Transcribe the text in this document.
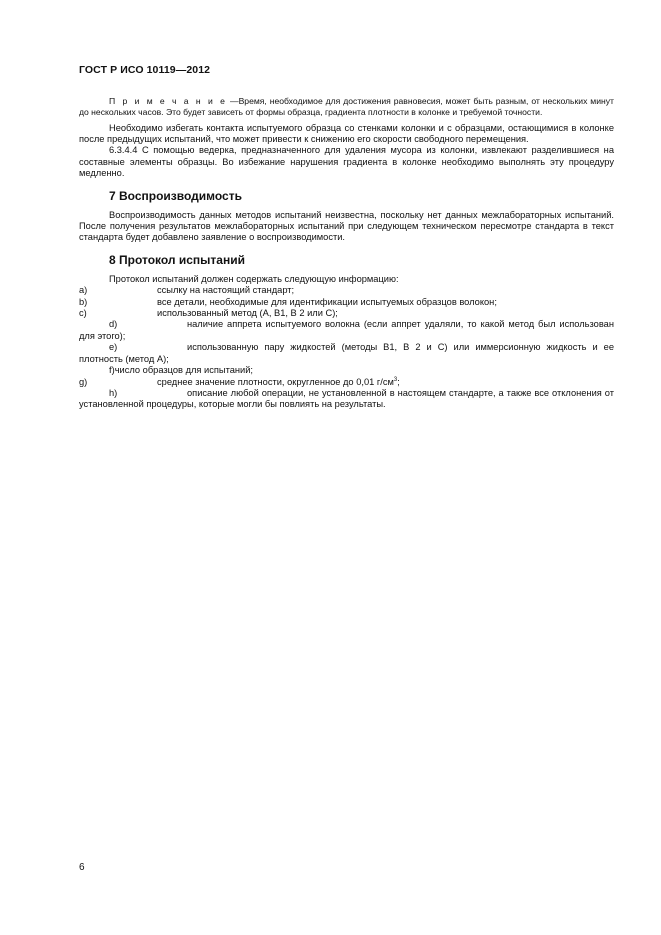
ГОСТ Р ИСО 10119—2012

П р и м е ч а н и е —Время, необходимое для достижения равновесия, может быть разным, от нескольких минут до нескольких часов. Это будет зависеть от формы образца, градиента плотности в колонке и требуемой точности.

Необходимо избегать контакта испытуемого образца со стенками колонки и с образцами, остающимися в колонке после предыдущих испытаний, что может привести к снижению его скорости свободного перемещения.

6.3.4.4 С помощью ведерка, предназначенного для удаления мусора из колонки, извлекают разделившиеся на составные элементы образцы. Во избежание нарушения градиента в колонке необходимо выполнять эту процедуру медленно.

7 Воспроизводимость

Воспроизводимость данных методов испытаний неизвестна, поскольку нет данных межлабораторных испытаний. После получения результатов межлабораторных испытаний при следующем техническом пересмотре стандарта в текст стандарта будет добавлено заявление о воспроизводимости.

8 Протокол испытаний

Протокол испытаний должен содержать следующую информацию:

a)	ссылку на настоящий стандарт;

b)	все детали, необходимые для идентификации испытуемых образцов волокон;

c)	использованный метод (A, B1, B 2 или C);

d)	наличие аппрета испытуемого волокна (если аппрет удаляли, то какой метод был использован для этого);

e)	использованную пару жидкостей (методы B1, B 2 и C) или иммерсионную жидкость и ее плотность (метод A);

f)число образцов для испытаний;

g)	среднее значение плотности, округленное до 0,01 $г/см^3$;

h)	описание любой операции, не установленной в настоящем стандарте, а также все отклонения от установленной процедуры, которые могли бы повлиять на результаты.

6
